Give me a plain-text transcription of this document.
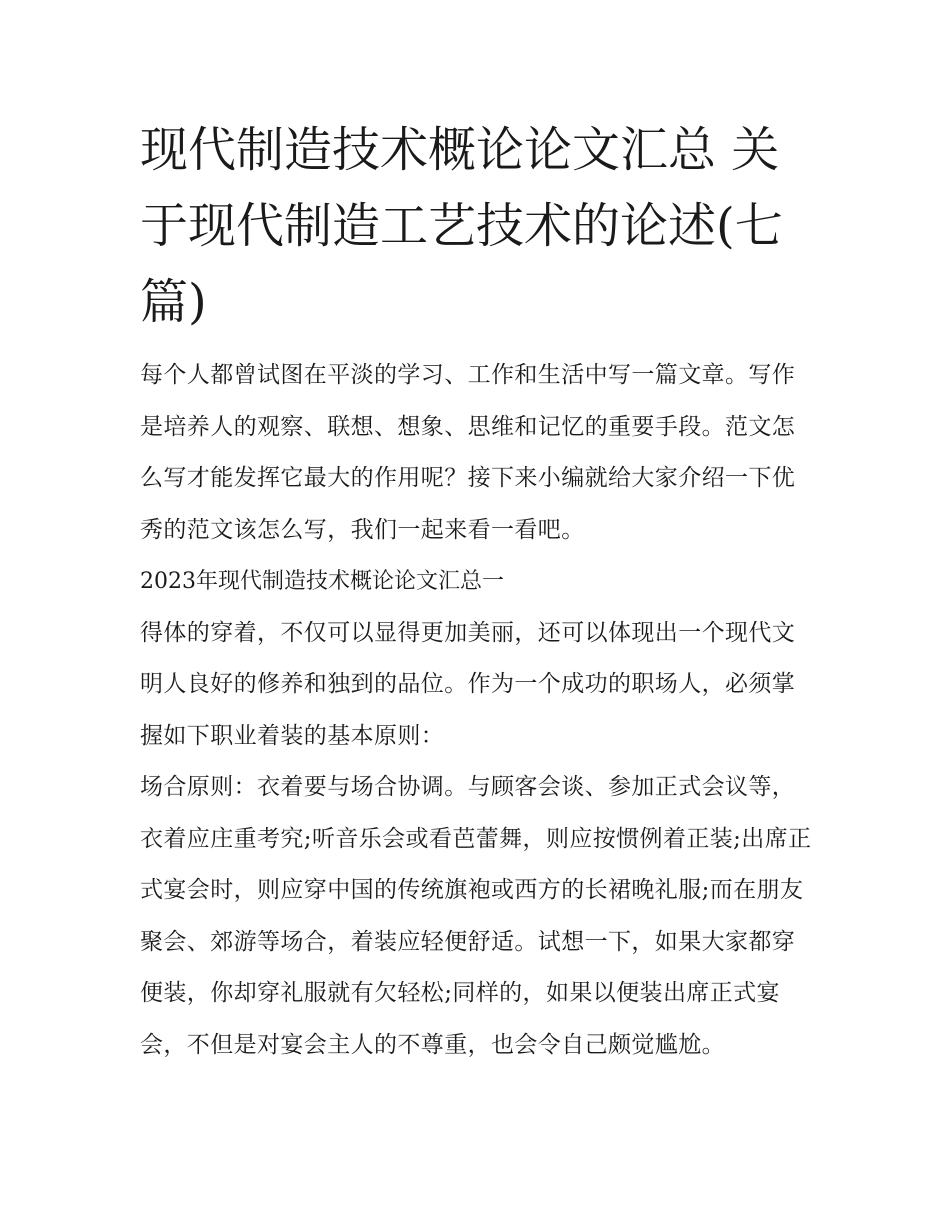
现代制造技术概论论文汇总 关于现代制造工艺技术的论述(七篇)

每个人都曾试图在平淡的学习、工作和生活中写一篇文章。写作是培养人的观察、联想、想象、思维和记忆的重要手段。范文怎么写才能发挥它最大的作用呢？接下来小编就给大家介绍一下优秀的范文该怎么写，我们一起来看一看吧。

2023年现代制造技术概论论文汇总一

得体的穿着，不仅可以显得更加美丽，还可以体现出一个现代文明人良好的修养和独到的品位。作为一个成功的职场人，必须掌握如下职业着装的基本原则：

场合原则：衣着要与场合协调。与顾客会谈、参加正式会议等，衣着应庄重考究;听音乐会或看芭蕾舞，则应按惯例着正装;出席正式宴会时，则应穿中国的传统旗袍或西方的长裙晚礼服;而在朋友聚会、郊游等场合，着装应轻便舒适。试想一下，如果大家都穿便装，你却穿礼服就有欠轻松;同样的，如果以便装出席正式宴会，不但是对宴会主人的不尊重，也会令自己颇觉尴尬。
